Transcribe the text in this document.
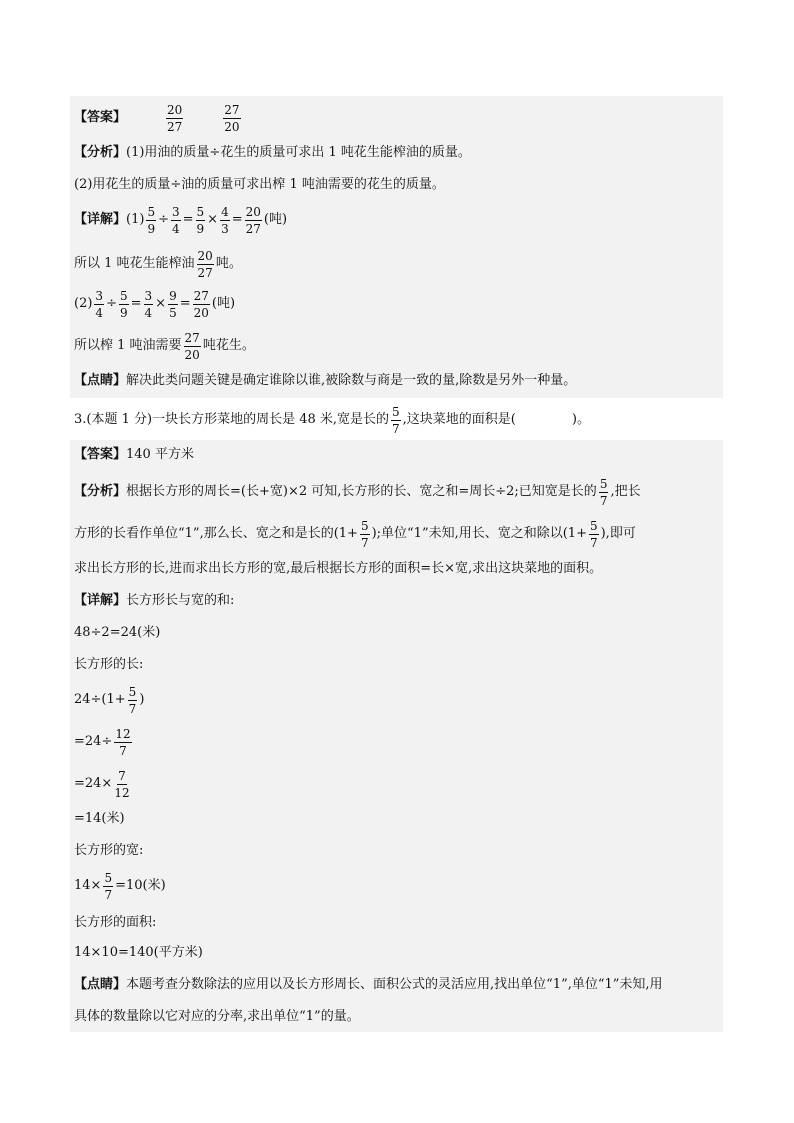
【答案】
20
27
27
20
【分析】 (1)用油的质量÷花生的质量可求出 1 吨花生能榨油的质量。
(2)用花生的质量÷油的质量可求出榨 1 吨油需要的花生的质量。
【详解】 $(1) \frac{5}{9} \div \frac{3}{4} = \frac{5}{9} \times \frac{4}{3} = \frac{20}{27}$ (吨)
所以 1 吨花生能榨油
20
27
吨。
$(2) \frac{3}{4} \div \frac{5}{9} = \frac{3}{4} \times \frac{9}{5} = \frac{27}{20}$ (吨)
所以榨 1 吨油需要
27
20
吨花生。
【点睛】 解决此类问题关键是确定谁除以谁,被除数与商是一致的量,除数是另外一种量。
3.(本题 1 分)一块长方形菜地的周长是 48 米,宽是长的
5
7
,这块菜地的面积是(	)。
【答案】 140 平方米
【分析】 根据长方形的周长=(长+宽)×2 可知,长方形的长、宽之和=周长÷2;已知宽是长的
5
7
,把长
方形的长看作单位“1”,那么长、宽之和是长的($1+ \frac{5}{7}$ );单位“1”未知,用长、宽之和除以($1+ \frac{5}{7}$ ),即可
求出长方形的长,进而求出长方形的宽,最后根据长方形的面积=长×宽,求出这块菜地的面积。
【详解】 长方形长与宽的和:
48÷2=24(米)
长方形的长:
$24\div(1+ \frac{5}{7}$ )
$=24\div \frac{12}{7}$
$=24\times \frac{7}{12}$
=14(米)
长方形的宽:
$14\times \frac{5}{7} =10$(米)
长方形的面积:
14×10=140(平方米)
【点睛】 本题考查分数除法的应用以及长方形周长、面积公式的灵活应用,找出单位“1”,单位“1”未知,用
具体的数量除以它对应的分率,求出单位“1”的量。
